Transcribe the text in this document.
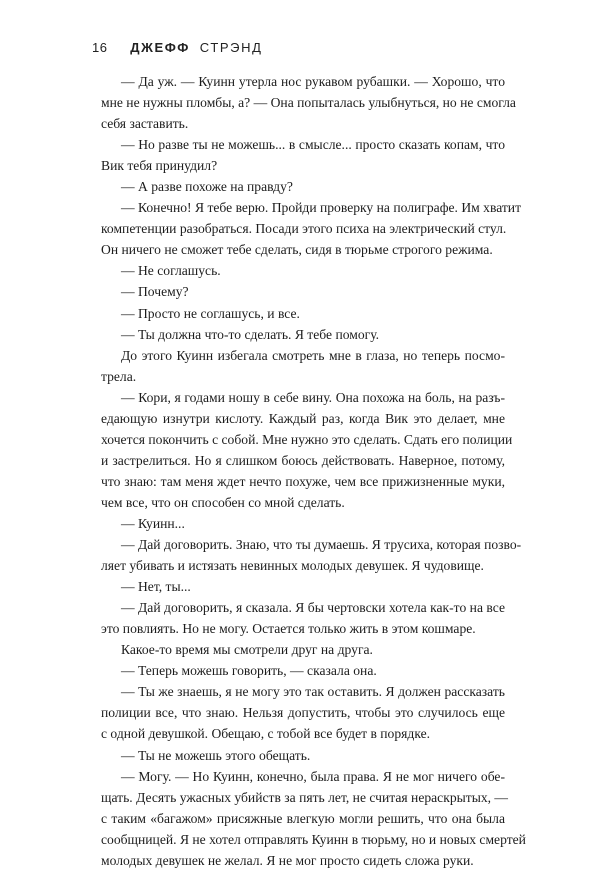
16 ДЖЕФФ СТРЭНД
— Да уж. — Куинн утерла нос рукавом рубашки. — Хорошо, что
мне не нужны пломбы, а? — Она попыталась улыбнуться, но не смогла
себя заставить.
— Но разве ты не можешь... в смысле... просто сказать копам, что
Вик тебя принудил?
— А разве похоже на правду?
— Конечно! Я тебе верю. Пройди проверку на полиграфе. Им хватит
компетенции разобраться. Посади этого психа на электрический стул.
Он ничего не сможет тебе сделать, сидя в тюрьме строгого режима.
— Не соглашусь.
— Почему?
— Просто не соглашусь, и все.
— Ты должна что-то сделать. Я тебе помогу.
До этого Куинн избегала смотреть мне в глаза, но теперь посмо-
трела.
— Кори, я годами ношу в себе вину. Она похожа на боль, на разъ-
едающую изнутри кислоту. Каждый раз, когда Вик это делает, мне
хочется покончить с собой. Мне нужно это сделать. Сдать его полиции
и застрелиться. Но я слишком боюсь действовать. Наверное, потому,
что знаю: там меня ждет нечто похуже, чем все прижизненные муки,
чем все, что он способен со мной сделать.
— Куинн...
— Дай договорить. Знаю, что ты думаешь. Я трусиха, которая позво-
ляет убивать и истязать невинных молодых девушек. Я чудовище.
— Нет, ты...
— Дай договорить, я сказала. Я бы чертовски хотела как-то на все
это повлиять. Но не могу. Остается только жить в этом кошмаре.
Какое-то время мы смотрели друг на друга.
— Теперь можешь говорить, — сказала она.
— Ты же знаешь, я не могу это так оставить. Я должен рассказать
полиции все, что знаю. Нельзя допустить, чтобы это случилось еще
с одной девушкой. Обещаю, с тобой все будет в порядке.
— Ты не можешь этого обещать.
— Могу. — Но Куинн, конечно, была права. Я не мог ничего обе-
щать. Десять ужасных убийств за пять лет, не считая нераскрытых, —
с таким «багажом» присяжные влегкую могли решить, что она была
сообщницей. Я не хотел отправлять Куинн в тюрьму, но и новых смертей
молодых девушек не желал. Я не мог просто сидеть сложа руки.
